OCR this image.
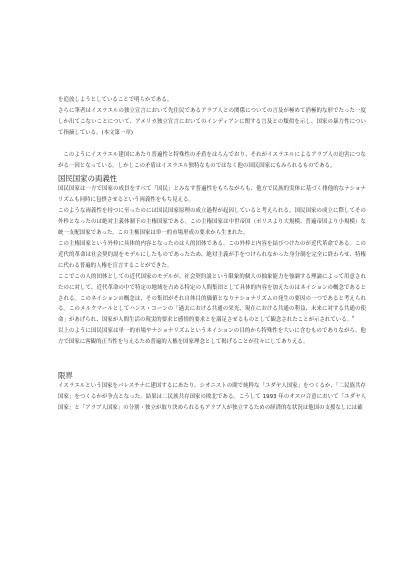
を追放しようとしていることで明らかである。
さらに筆者はイスラエルの独立宣言において先住民であるアラブ人との関係についての言及が極めて消極的な形でたった一度しか出てこないことについて、アメリカ独立宣言においてのインディアンに関する言及との類似を示し、国家の暴力性について指摘している。(本文第一章)

このようにイスラエル建国にあたり普遍性と特殊性の矛盾をはらんでおり、それがイスラエルによるアラブ人の迫害につながる一因となっている。しかしこの矛盾はイスラエル独特なものではなく他の国民国家にもみられるものである。

国民国家の両義性

国民国家は一方で国家の成員をすべて「国民」とみなす普遍性をもちながらも、他方で民族的実体に基づく排他的なナショナリズムも同時に包摂させるという両義性をもち見える。

このような両義性を持つに至ったのには国民国家原理の成立過程が起因していると考えられる。国民国家の成立に際してその外枠となったのは絶対主義体制下の主権国家である。この主権国家は中世帝国（ポリスより大規模、普遍帝国より小規模）な統一支配国家であった。この主権国家は単一的市場形成の要求から生まれた。

この主権国家という外枠に具体的内容となったのは人的団体である。この外枠と内容を結びつけたのが近代革命である。この近代的革命は社会契約説をモデルにしたものであったため、絶対主義が手をつけられなかった身分制を完全に終わらせ、特権に代わる普遍的人権を宣言することができた。

ここでこの人的団体としての近代国家のモデルが、社会契約説という限象的個人の抽象能力を強調する理論によって用意されたのに対して、近代革命の中で特定の地域を占める特定の人間集団として具体的内容を加えたのはネイションの概念であるとされる。このネイションの概念は、その集団がそれ自体目的価値となりナショナリズムの発生の要因の一つであると考えられる。このメルクマールとしてハンス・コーンの「過去における共通の栄光、現在における共通の利益、未来に対する共通の使命」があげられ、国家が人間生活の現実的要求と感情的要求とを満足させるものとして観念されたことが示されている。$^{ii}$

以上のように国民国家は単一的市場やナショナリズムというネイションの目的から特殊性を大いに含むものでありながら、他方で国家に客観的正当性を与えるため普遍的人権を国家理念として掲げることが往々にしてありえる。

限界

イスラエルという国家をパレスチナに建国するにあたり、シオニストの間で純粋な「ユダヤ人国家」をつくるか、「二民族共存国家」をつくるかが争点となった。結果は二民族共存国家の敗北である。こうして 1993 年のオスロ合意において「ユダヤ人国家」と「アラブ人国家」の分割・独立が取り決められるもアラブ人が独立するための経済的な状況は他国の支援なしには確
